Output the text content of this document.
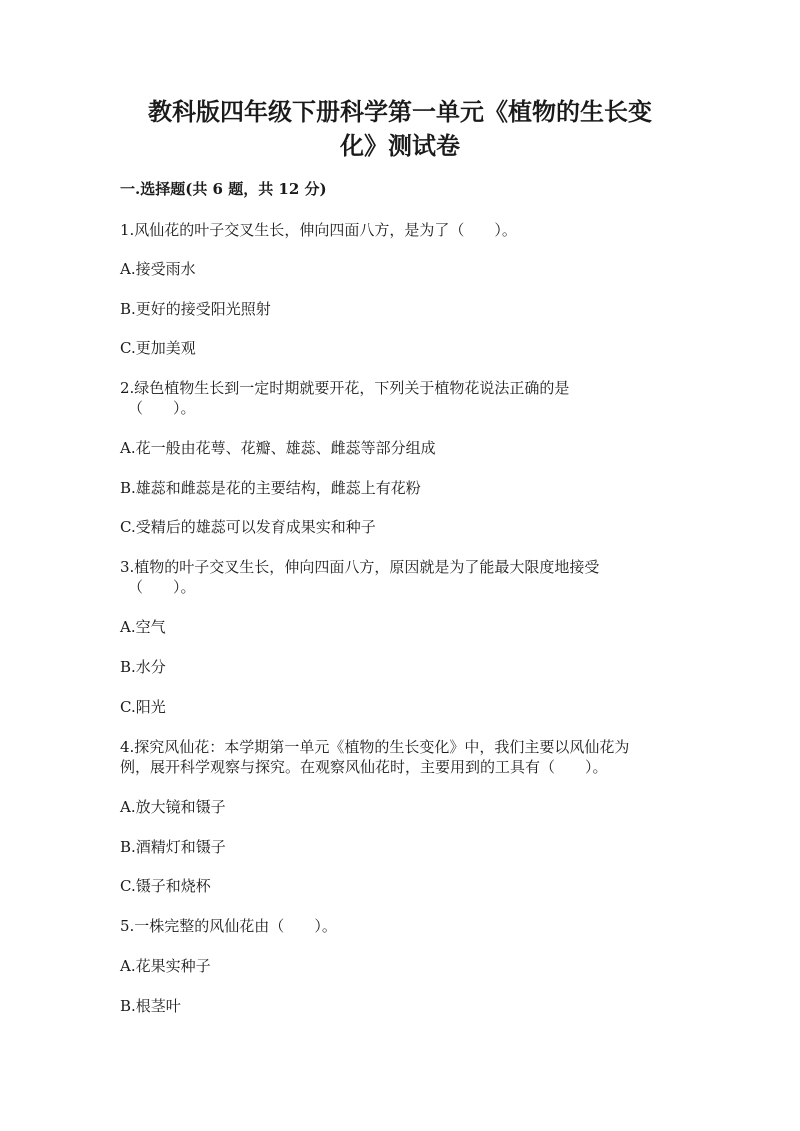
教科版四年级下册科学第一单元《植物的生长变
化》测试卷
一.选择题(共 6 题，共 12 分)

1.风仙花的叶子交叉生长，伸向四面八方，是为了（　　）。

A.接受雨水

B.更好的接受阳光照射

C.更加美观

2.绿色植物生长到一定时期就要开花，下列关于植物花说法正确的是

（　　）。

A.花一般由花萼、花瓣、雄蕊、雌蕊等部分组成

B.雄蕊和雌蕊是花的主要结构，雌蕊上有花粉

C.受精后的雄蕊可以发育成果实和种子

3.植物的叶子交叉生长，伸向四面八方，原因就是为了能最大限度地接受

（　　）。

A.空气

B.水分

C.阳光

4.探究风仙花：本学期第一单元《植物的生长变化》中，我们主要以风仙花为

例，展开科学观察与探究。在观察风仙花时，主要用到的工具有（　　）。

A.放大镜和镊子

B.酒精灯和镊子

C.镊子和烧杯

5.一株完整的风仙花由（　　）。

A.花果实种子

B.根茎叶
